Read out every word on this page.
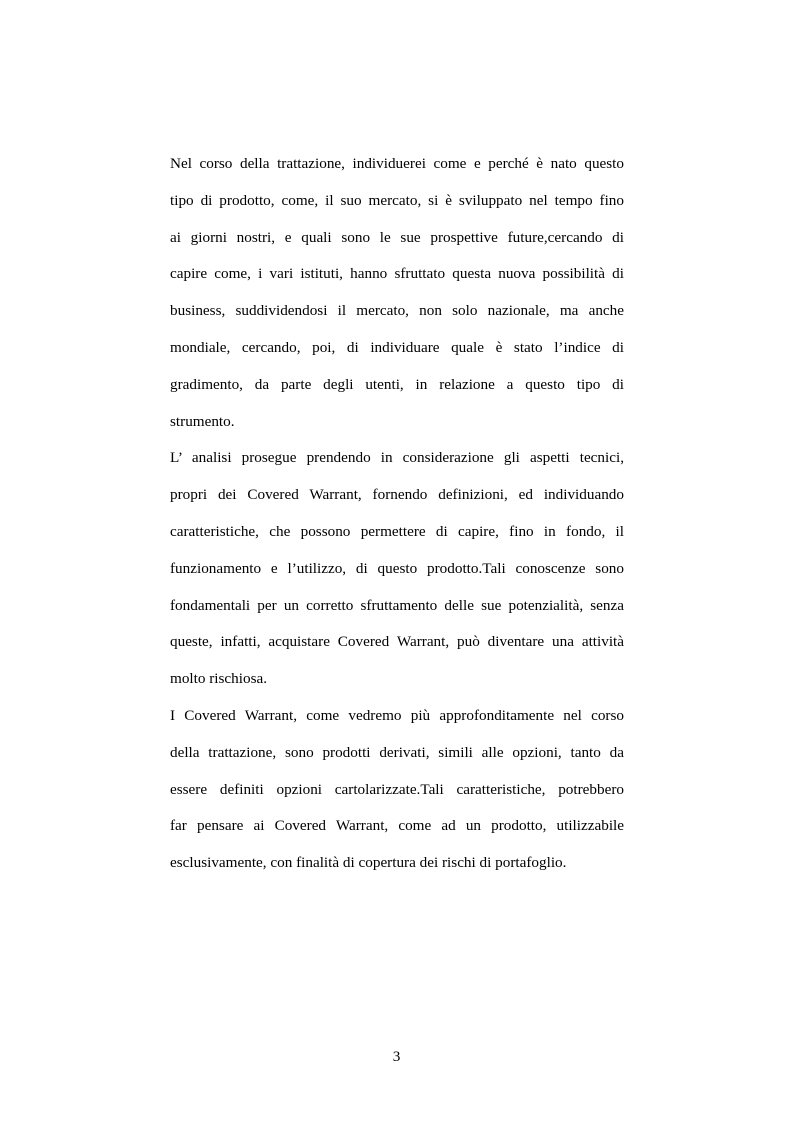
Nel corso della trattazione, individuerei come e perché è nato questo
tipo di prodotto, come, il suo mercato, si è sviluppato nel tempo fino
ai giorni nostri, e quali sono le sue prospettive future,cercando di
capire come, i vari istituti, hanno sfruttato questa nuova possibilità di
business, suddividendosi il mercato, non solo nazionale, ma anche
mondiale, cercando, poi, di individuare quale è stato l’indice di
gradimento, da parte degli utenti, in relazione a questo tipo di
strumento.
L’ analisi prosegue prendendo in considerazione gli aspetti tecnici,
propri dei Covered Warrant, fornendo definizioni, ed individuando
caratteristiche, che possono permettere di capire, fino in fondo, il
funzionamento e l’utilizzo, di questo prodotto.Tali conoscenze sono
fondamentali per un corretto sfruttamento delle sue potenzialità, senza
queste, infatti, acquistare Covered Warrant, può diventare una attività
molto rischiosa.
I Covered Warrant, come vedremo più approfonditamente nel corso
della trattazione, sono prodotti derivati, simili alle opzioni, tanto da
essere definiti opzioni cartolarizzate.Tali caratteristiche, potrebbero
far pensare ai Covered Warrant, come ad un prodotto, utilizzabile
esclusivamente, con finalità di copertura dei rischi di portafoglio.
3
